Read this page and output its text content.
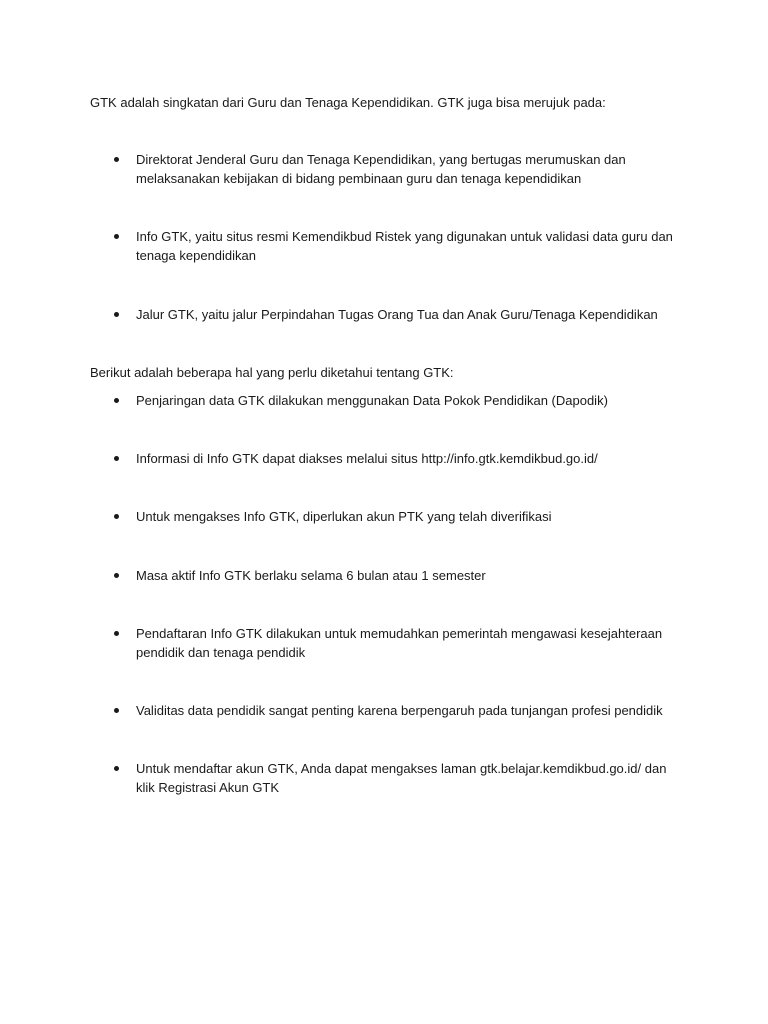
GTK adalah singkatan dari Guru dan Tenaga Kependidikan. GTK juga bisa merujuk pada:

Direktorat Jenderal Guru dan Tenaga Kependidikan, yang bertugas merumuskan dan melaksanakan kebijakan di bidang pembinaan guru dan tenaga kependidikan

Info GTK, yaitu situs resmi Kemendikbud Ristek yang digunakan untuk validasi data guru dan tenaga kependidikan

Jalur GTK, yaitu jalur Perpindahan Tugas Orang Tua dan Anak Guru/Tenaga Kependidikan

Berikut adalah beberapa hal yang perlu diketahui tentang GTK:

Penjaringan data GTK dilakukan menggunakan Data Pokok Pendidikan (Dapodik)

Informasi di Info GTK dapat diakses melalui situs http://info.gtk.kemdikbud.go.id/

Untuk mengakses Info GTK, diperlukan akun PTK yang telah diverifikasi

Masa aktif Info GTK berlaku selama 6 bulan atau 1 semester

Pendaftaran Info GTK dilakukan untuk memudahkan pemerintah mengawasi kesejahteraan pendidik dan tenaga pendidik

Validitas data pendidik sangat penting karena berpengaruh pada tunjangan profesi pendidik

Untuk mendaftar akun GTK, Anda dapat mengakses laman gtk.belajar.kemdikbud.go.id/ dan klik Registrasi Akun GTK
